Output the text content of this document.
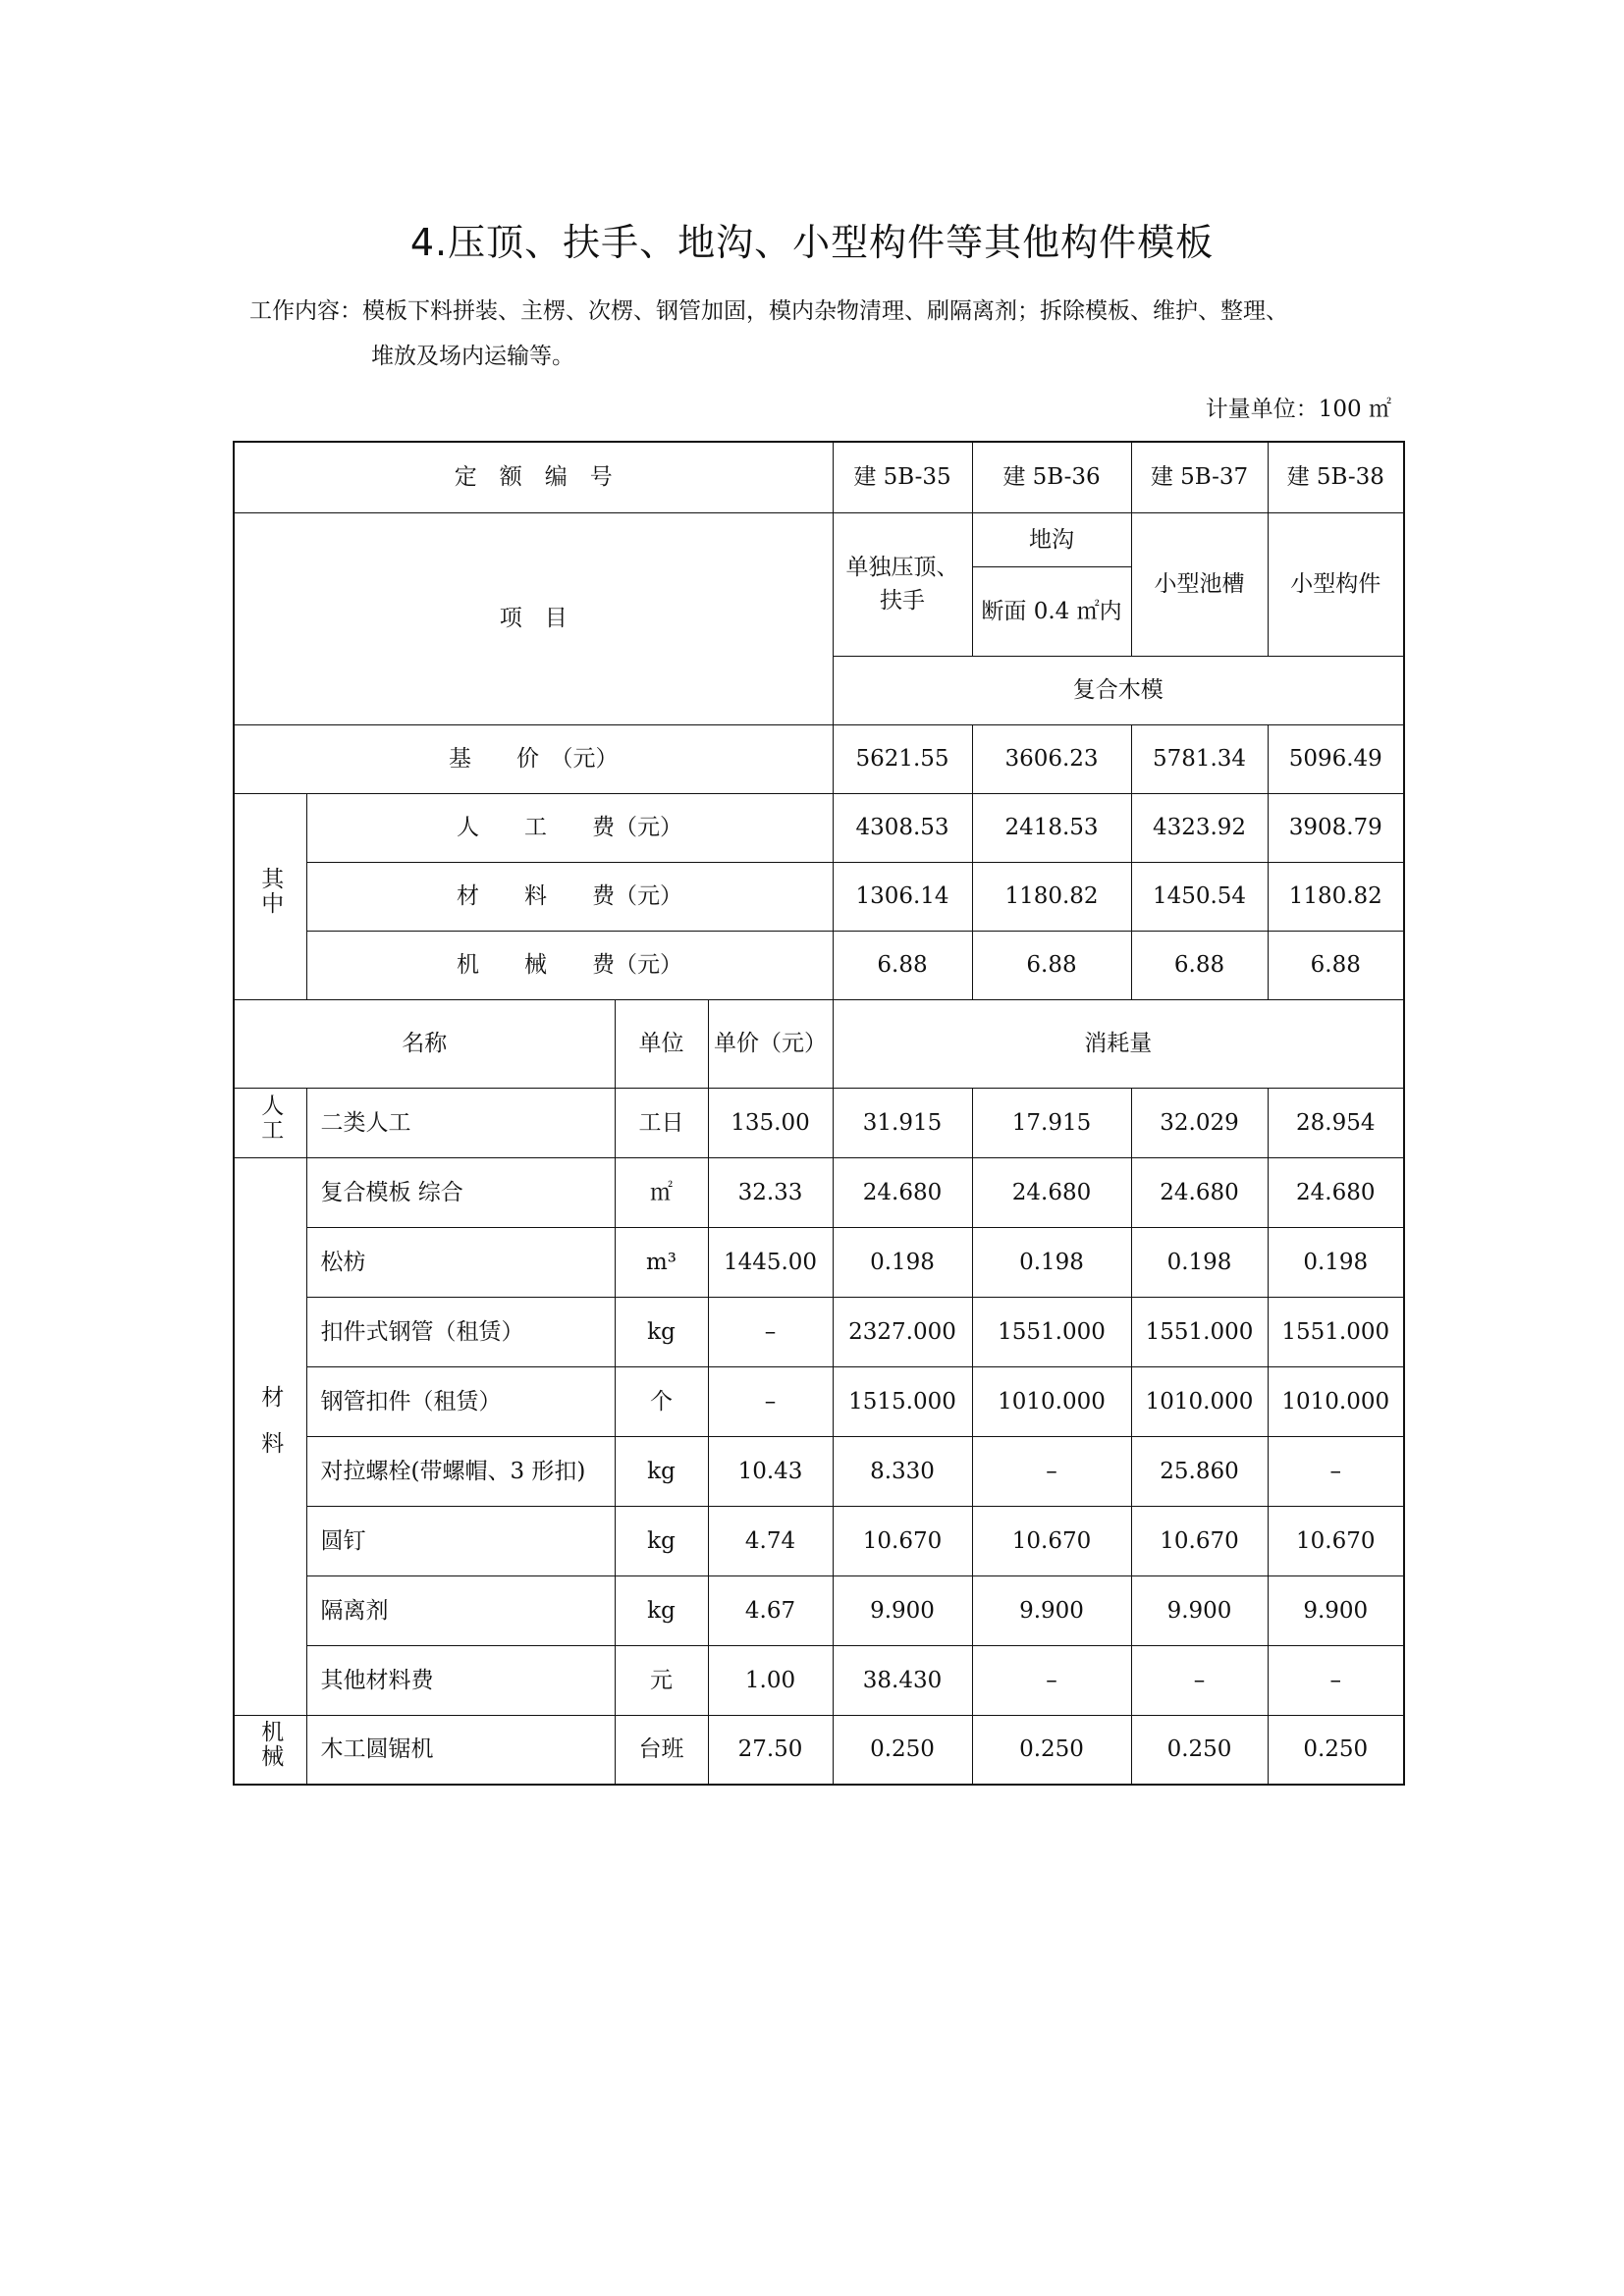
4.压顶、扶手、地沟、小型构件等其他构件模板
工作内容：模板下料拼装、主楞、次楞、钢管加固，模内杂物清理、刷隔离剂；拆除模板、维护、整理、
堆放及场内运输等。
计量单位：100 ㎡
定　额　编　号				建 5B-35	建 5B-36	建 5B-37	建 5B-38
项　目				单独压顶、扶手	地沟	小型池槽	小型构件
					断面 0.4 ㎡内		
				复合木模			
基　　价　（元）				5621.55	3606.23	5781.34	5096.49
其中	人　　工　　费（元）			4308.53	2418.53	4323.92	3908.79
	材　　料　　费（元）			1306.14	1180.82	1450.54	1180.82
	机　　械　　费（元）			6.88	6.88	6.88	6.88
名称		单位	单价（元）	消耗量			
人工	二类人工	工日	135.00	31.915	17.915	32.029	28.954
材料	复合模板 综合	㎡	32.33	24.680	24.680	24.680	24.680
	松枋	m³	1445.00	0.198	0.198	0.198	0.198
	扣件式钢管（租赁）	kg	–	2327.000	1551.000	1551.000	1551.000
	钢管扣件（租赁）	个	–	1515.000	1010.000	1010.000	1010.000
	对拉螺栓(带螺帽、3 形扣)	kg	10.43	8.330	–	25.860	–
	圆钉	kg	4.74	10.670	10.670	10.670	10.670
	隔离剂	kg	4.67	9.900	9.900	9.900	9.900
	其他材料费	元	1.00	38.430	–	–	–
机械	木工圆锯机	台班	27.50	0.250	0.250	0.250	0.250
